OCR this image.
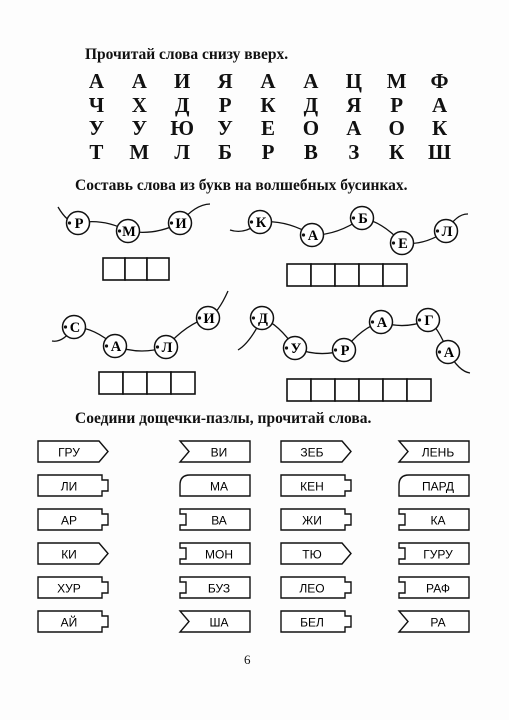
Прочитай слова снизу вверх.
А	А	И	Я	А	А	Ц	М	Ф
Ч	Х	Д	Р	К	Д	Я	Р	А
У	У	Ю	У	Е	О	А	О	К
Т	М	Л	Б	Р	В	З	К	Ш
Составь слова из букв на волшебных бусинках.
Соедини дощечки-пазлы, прочитай слова.
Р	М	И	К
А
Б
Е
Л
С
А	Л
И	Д
У	Р
А	Г
А
ГРУ
ЛИ
АР
КИ
ХУР
АЙ
ВИ
МА
ВА
МОН
БУЗ
ША
ЗЕБ
КЕН
ЖИ
ТЮ
ЛЕО
БЕЛ
ЛЕНЬ
ПАРД
КА
ГУРУ
РАФ
РА
6
